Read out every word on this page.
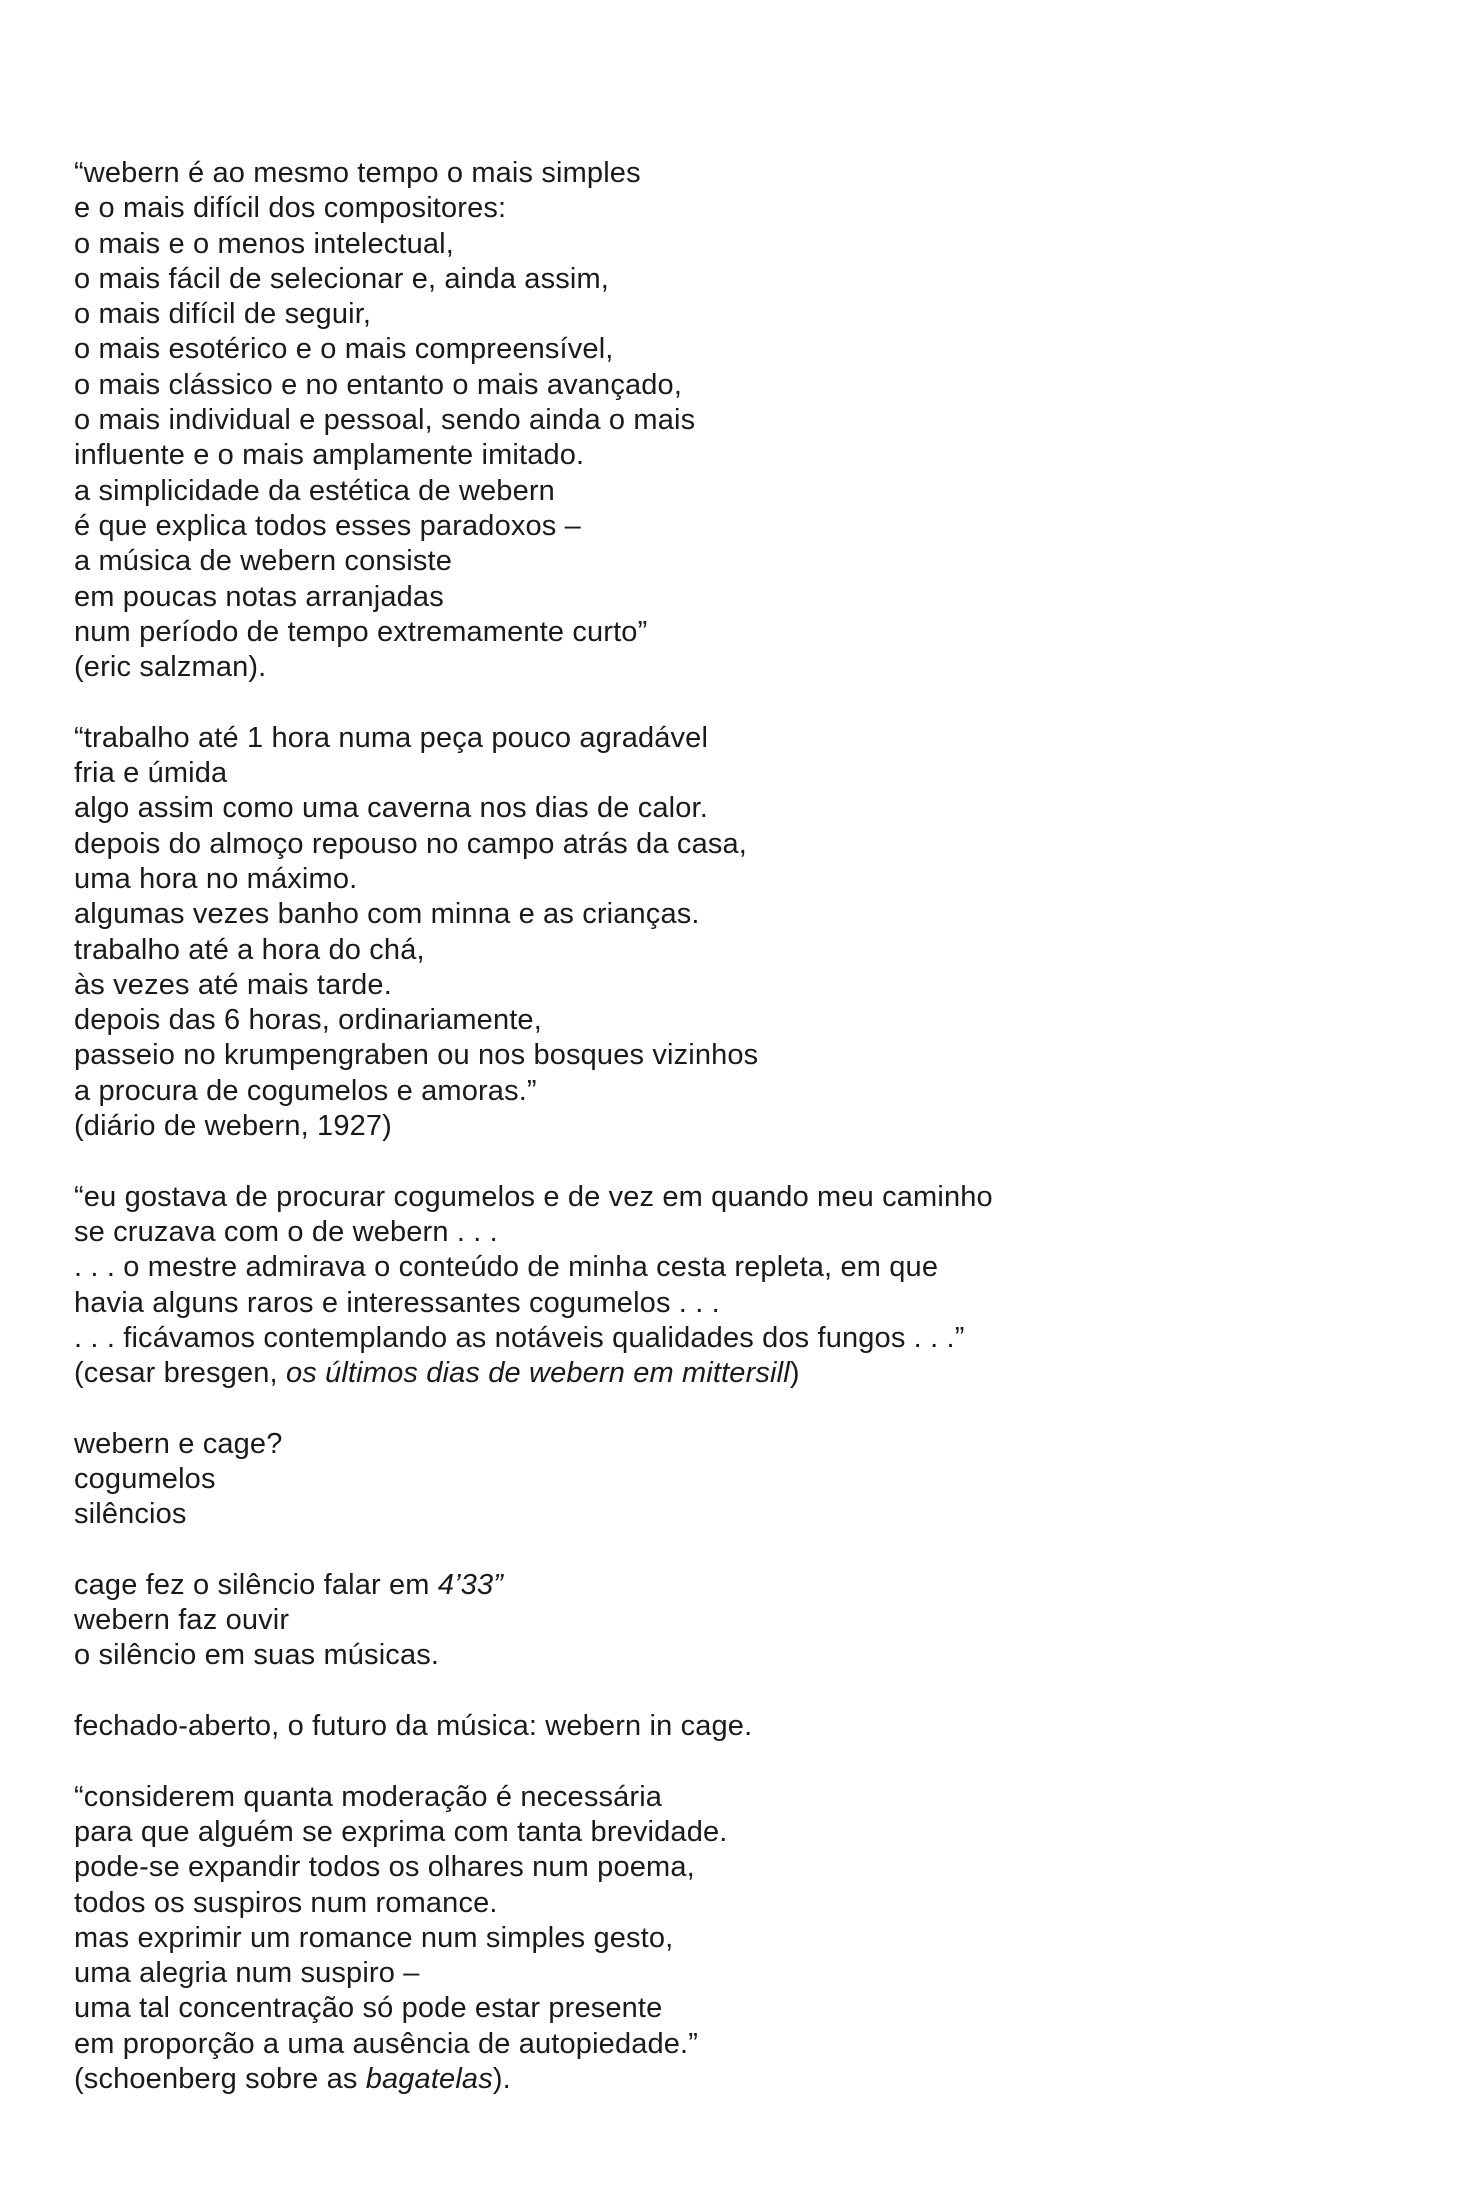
“webern é ao mesmo tempo o mais simples
e o mais difícil dos compositores:
o mais e o menos intelectual,
o mais fácil de selecionar e, ainda assim,
o mais difícil de seguir,
o mais esotérico e o mais compreensível,
o mais clássico e no entanto o mais avançado,
o mais individual e pessoal, sendo ainda o mais
influente e o mais amplamente imitado.
a simplicidade da estética de webern
é que explica todos esses paradoxos –
a música de webern consiste
em poucas notas arranjadas
num período de tempo extremamente curto”
(eric salzman).
“trabalho até 1 hora numa peça pouco agradável
fria e úmida
algo assim como uma caverna nos dias de calor.
depois do almoço repouso no campo atrás da casa,
uma hora no máximo.
algumas vezes banho com minna e as crianças.
trabalho até a hora do chá,
às vezes até mais tarde.
depois das 6 horas, ordinariamente,
passeio no krumpengraben ou nos bosques vizinhos
a procura de cogumelos e amoras.”
(diário de webern, 1927)
“eu gostava de procurar cogumelos e de vez em quando meu caminho
se cruzava com o de webern . . .
. . . o mestre admirava o conteúdo de minha cesta repleta, em que
havia alguns raros e interessantes cogumelos . . .
. . . ficávamos contemplando as notáveis qualidades dos fungos . . .”
(cesar bresgen, os últimos dias de webern em mittersill)
webern e cage?
cogumelos
silêncios
cage fez o silêncio falar em 4’33”
webern faz ouvir
o silêncio em suas músicas.
fechado-aberto, o futuro da música: webern in cage.
“considerem quanta moderação é necessária
para que alguém se exprima com tanta brevidade.
pode-se expandir todos os olhares num poema,
todos os suspiros num romance.
mas exprimir um romance num simples gesto,
uma alegria num suspiro –
uma tal concentração só pode estar presente
em proporção a uma ausência de autopiedade.”
(schoenberg sobre as bagatelas).
